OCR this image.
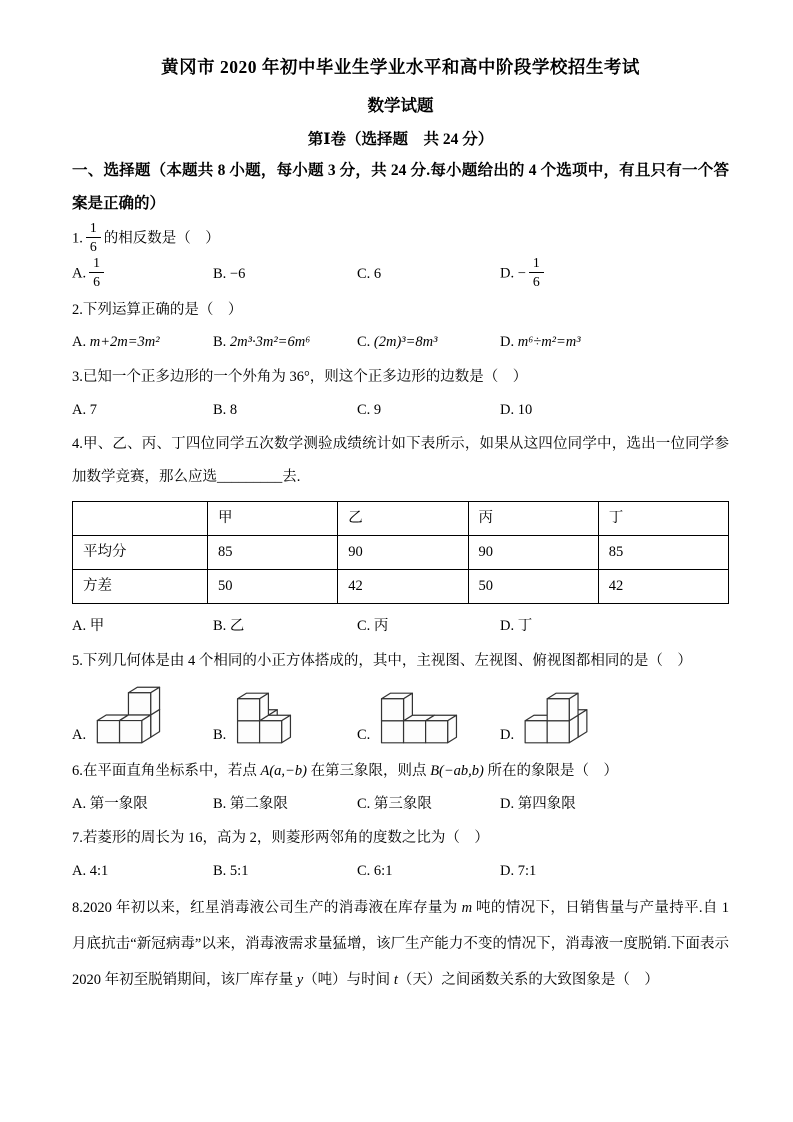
黄冈市 2020 年初中毕业生学业水平和高中阶段学校招生考试
数学试题
第Ⅰ卷（选择题　共 24 分）
一、选择题（本题共 8 小题，每小题 3 分，共 24 分.每小题给出的 4 个选项中，有且只有一个答案是正确的）
1. $\frac{1}{6}$ 的相反数是（　）
A. $\frac{1}{6}$	B. −6	C. 6	D. − $\frac{1}{6}$
2.下列运算正确的是（　）
A. m+2m=3m²	B. 2m³·3m²=6m⁶	C. (2m)³=8m³	D. m⁶÷m²=m³
3.已知一个正多边形的一个外角为 36°，则这个正多边形的边数是（　）
A. 7	B. 8	C. 9	D. 10
4.甲、乙、丙、丁四位同学五次数学测验成绩统计如下表所示，如果从这四位同学中，选出一位同学参加数学竞赛，那么应选_________去.
	甲	乙	丙	丁
平均分	85	90	90	85
方差	50	42	50	42
A. 甲	B. 乙	C. 丙	D. 丁
5.下列几何体是由 4 个相同的小正方体搭成的，其中，主视图、左视图、俯视图都相同的是（　）
A.	B.	C.	D.
6.在平面直角坐标系中，若点 A(a,−b) 在第三象限，则点 B(−ab,b) 所在的象限是（　）
A. 第一象限	B. 第二象限	C. 第三象限	D. 第四象限
7.若菱形的周长为 16，高为 2，则菱形两邻角的度数之比为（　）
A. 4:1	B. 5:1	C. 6:1	D. 7:1
8.2020 年初以来，红星消毒液公司生产的消毒液在库存量为 m 吨的情况下，日销售量与产量持平.自 1 月底抗击“新冠病毒”以来，消毒液需求量猛增，该厂生产能力不变的情况下，消毒液一度脱销.下面表示 2020 年初至脱销期间，该厂库存量 y（吨）与时间 t（天）之间函数关系的大致图象是（　）
